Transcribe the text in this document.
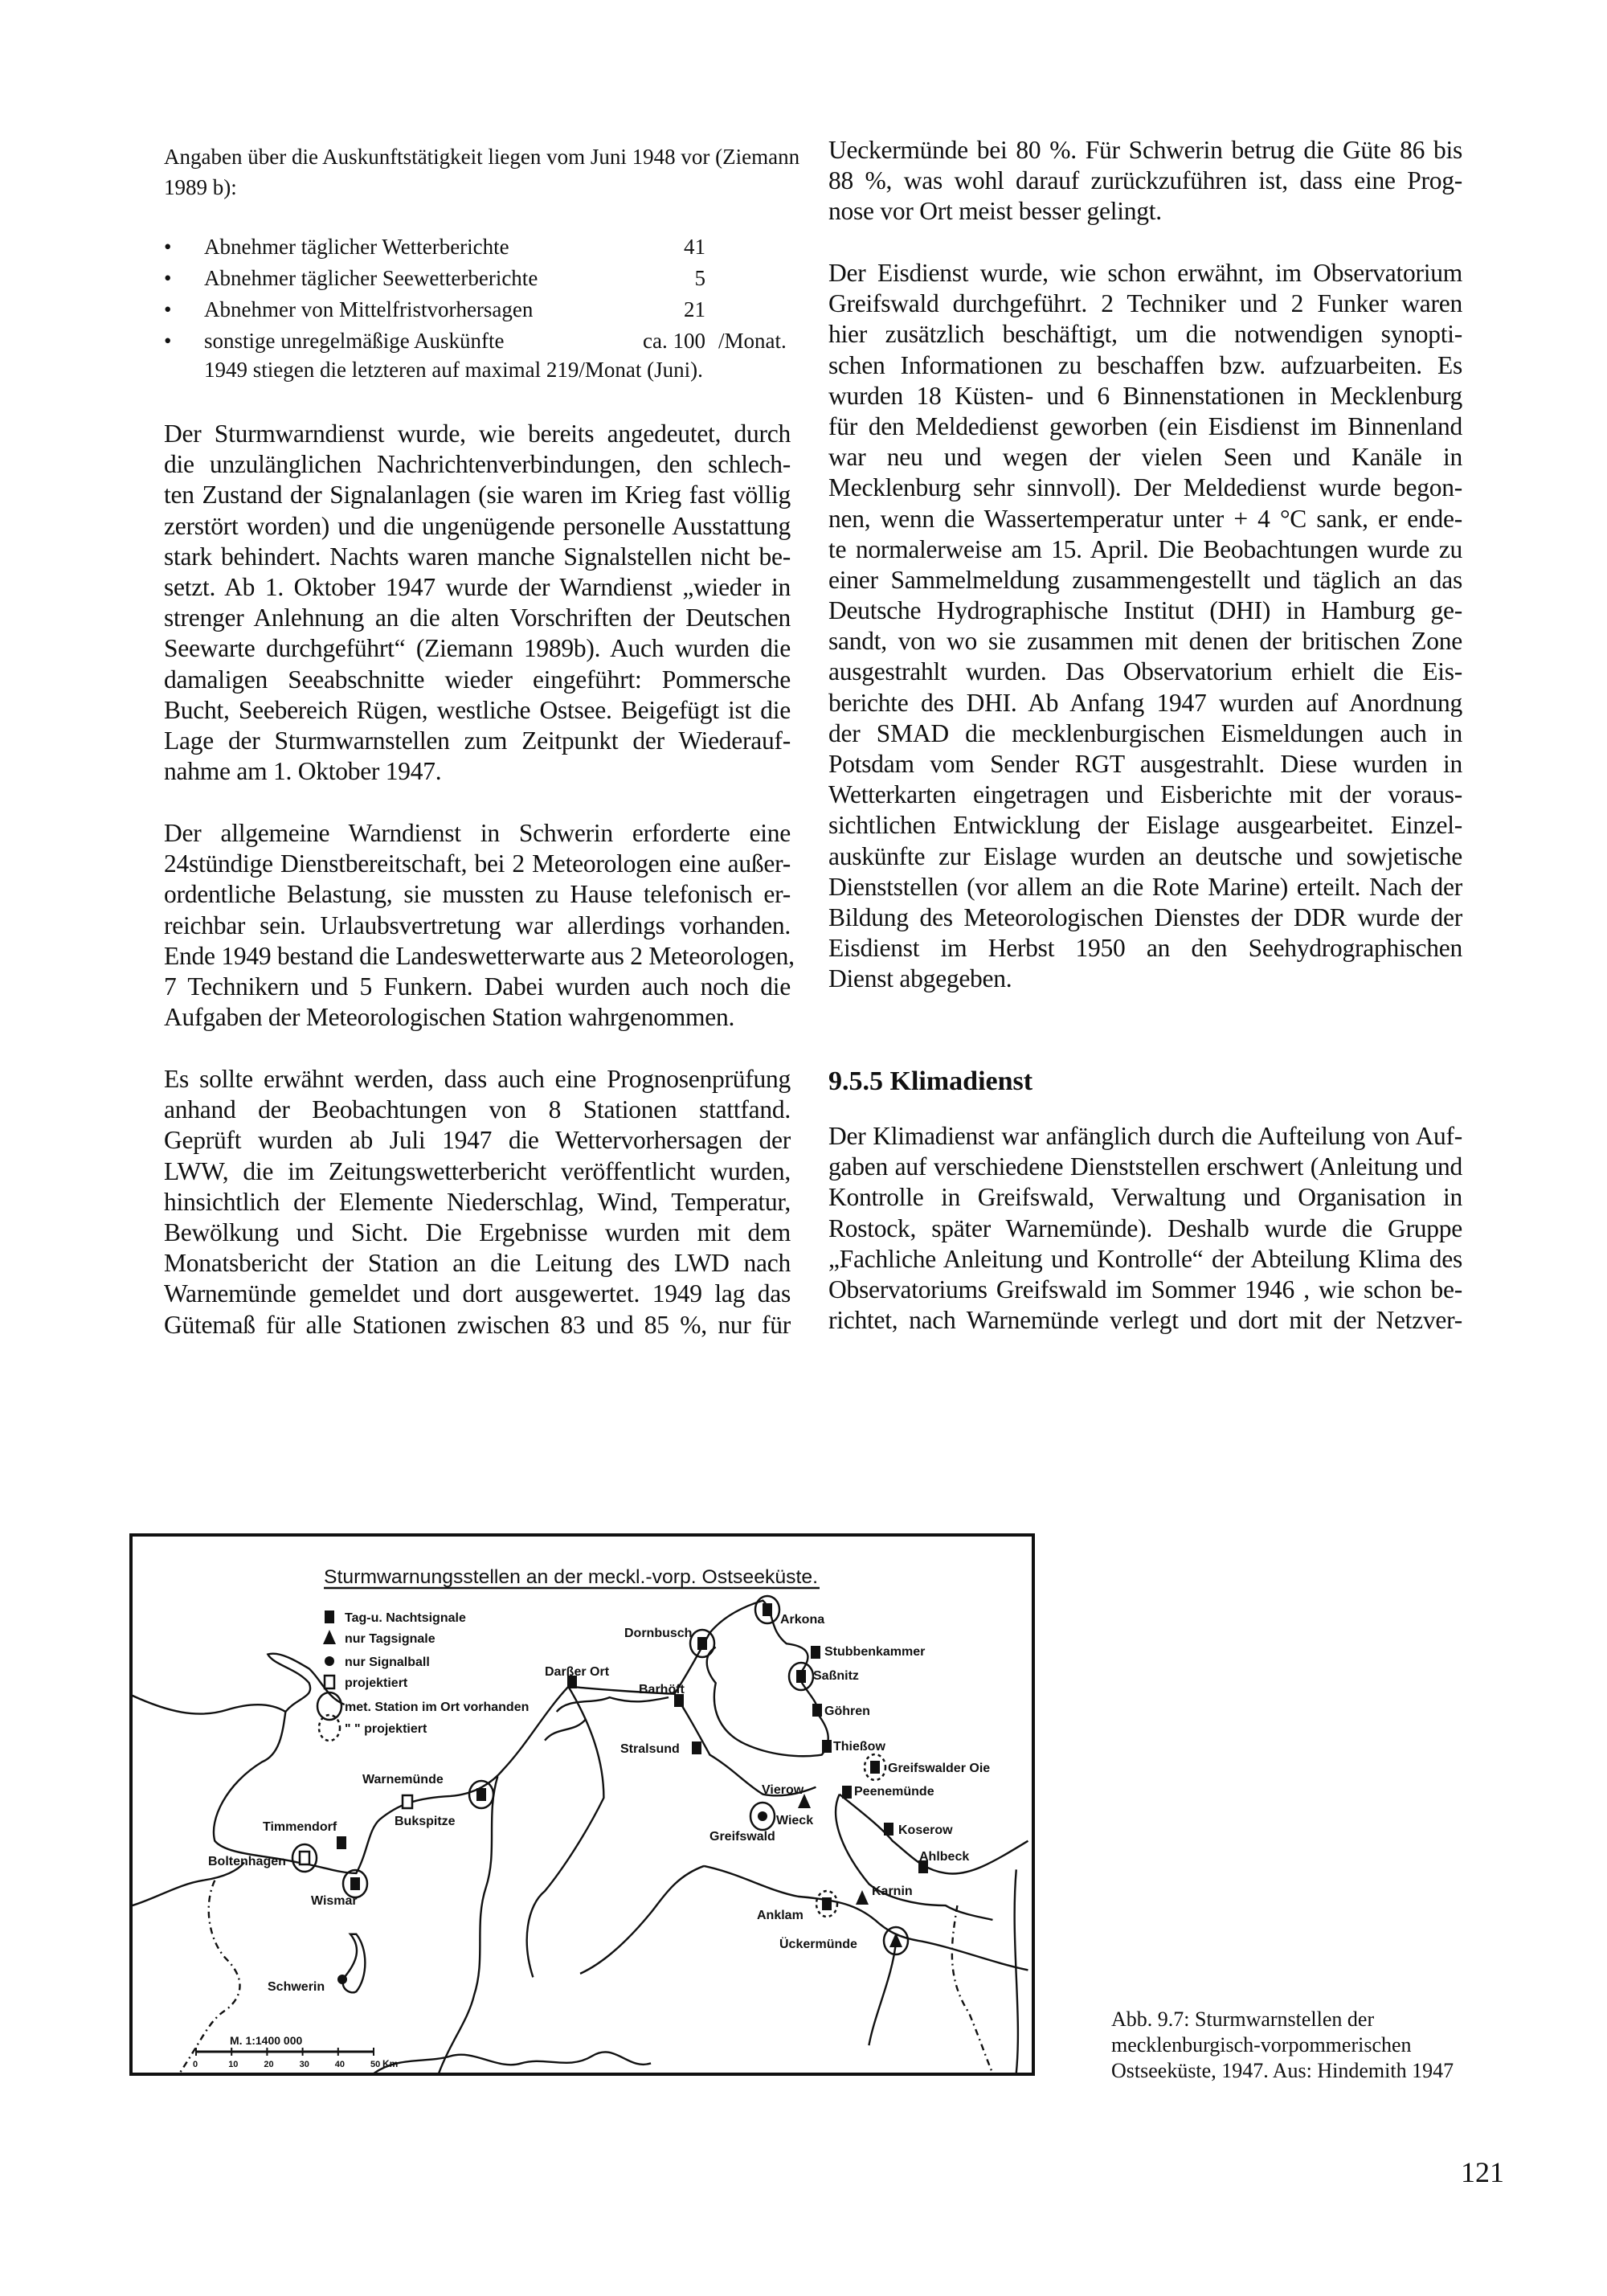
Angaben über die Auskunftstätigkeit liegen vom Juni 1948 vor (Ziemann
1989 b):
• Abnehmer täglicher Wetterberichte	41
• Abnehmer täglicher Seewetterberichte	5
• Abnehmer von Mittelfristvorhersagen	21
• sonstige unregelmäßige Auskünfte	ca. 100 /Monat.
1949 stiegen die letzteren auf maximal 219/Monat (Juni).
Der Sturmwarndienst wurde, wie bereits angedeutet, durch
die unzulänglichen Nachrichtenverbindungen, den schlech-
ten Zustand der Signalanlagen (sie waren im Krieg fast völlig
zerstört worden) und die ungenügende personelle Ausstattung
stark behindert. Nachts waren manche Signalstellen nicht be-
setzt. Ab 1. Oktober 1947 wurde der Warndienst „wieder in
strenger Anlehnung an die alten Vorschriften der Deutschen
Seewarte durchgeführt“ (Ziemann 1989b). Auch wurden die
damaligen Seeabschnitte wieder eingeführt: Pommersche
Bucht, Seebereich Rügen, westliche Ostsee. Beigefügt ist die
Lage der Sturmwarnstellen zum Zeitpunkt der Wiederauf-
nahme am 1. Oktober 1947.
Der allgemeine Warndienst in Schwerin erforderte eine
24stündige Dienstbereitschaft, bei 2 Meteorologen eine außer-
ordentliche Belastung, sie mussten zu Hause telefonisch er-
reichbar sein. Urlaubsvertretung war allerdings vorhanden.
Ende 1949 bestand die Landeswetterwarte aus 2 Meteorologen,
7 Technikern und 5 Funkern. Dabei wurden auch noch die
Aufgaben der Meteorologischen Station wahrgenommen.
Es sollte erwähnt werden, dass auch eine Prognosenprüfung
anhand der Beobachtungen von 8 Stationen stattfand.
Geprüft wurden ab Juli 1947 die Wettervorhersagen der
LWW, die im Zeitungswetterbericht veröffentlicht wurden,
hinsichtlich der Elemente Niederschlag, Wind, Temperatur,
Bewölkung und Sicht. Die Ergebnisse wurden mit dem
Monatsbericht der Station an die Leitung des LWD nach
Warnemünde gemeldet und dort ausgewertet. 1949 lag das
Gütemaß für alle Stationen zwischen 83 und 85 %, nur für
Ueckermünde bei 80 %. Für Schwerin betrug die Güte 86 bis
88 %, was wohl darauf zurückzuführen ist, dass eine Prog-
nose vor Ort meist besser gelingt.
Der Eisdienst wurde, wie schon erwähnt, im Observatorium
Greifswald durchgeführt. 2 Techniker und 2 Funker waren
hier zusätzlich beschäftigt, um die notwendigen synopti-
schen Informationen zu beschaffen bzw. aufzuarbeiten. Es
wurden 18 Küsten- und 6 Binnenstationen in Mecklenburg
für den Meldedienst geworben (ein Eisdienst im Binnenland
war neu und wegen der vielen Seen und Kanäle in
Mecklenburg sehr sinnvoll). Der Meldedienst wurde begon-
nen, wenn die Wassertemperatur unter + 4 °C sank, er ende-
te normalerweise am 15. April. Die Beobachtungen wurde zu
einer Sammelmeldung zusammengestellt und täglich an das
Deutsche Hydrographische Institut (DHI) in Hamburg ge-
sandt, von wo sie zusammen mit denen der britischen Zone
ausgestrahlt wurden. Das Observatorium erhielt die Eis-
berichte des DHI. Ab Anfang 1947 wurden auf Anordnung
der SMAD die mecklenburgischen Eismeldungen auch in
Potsdam vom Sender RGT ausgestrahlt. Diese wurden in
Wetterkarten eingetragen und Eisberichte mit der voraus-
sichtlichen Entwicklung der Eislage ausgearbeitet. Einzel-
auskünfte zur Eislage wurden an deutsche und sowjetische
Dienststellen (vor allem an die Rote Marine) erteilt. Nach der
Bildung des Meteorologischen Dienstes der DDR wurde der
Eisdienst im Herbst 1950 an den Seehydrographischen
Dienst abgegeben.
9.5.5 Klimadienst
Der Klimadienst war anfänglich durch die Aufteilung von Auf-
gaben auf verschiedene Dienststellen erschwert (Anleitung und
Kontrolle in Greifswald, Verwaltung und Organisation in
Rostock, später Warnemünde). Deshalb wurde die Gruppe
„Fachliche Anleitung und Kontrolle“ der Abteilung Klima des
Observatoriums Greifswald im Sommer 1946 , wie schon be-
richtet, nach Warnemünde verlegt und dort mit der Netzver-
Sturmwarnungsstellen an der meckl.-vorp. Ostseeküste.
Tag-u. Nachtsignale
nur Tagsignale
nur Signalball
projektiert
met. Station im Ort vorhanden
" " projektiert
Arkona
Dornbusch
Stubbenkammer
Saßnitz
Darßer Ort
Barhöft
Göhren
Stralsund	Thießow
Greifswalder Oie
Vierow	Peenemünde
Warnemünde
Bukspitze	Wieck
Greifswald	Koserow
Timmendorf
Ahlbeck
Boltenhagen
Wismar
Karnin
Anklam
Ückermünde
Schwerin
M. 1:1400 000
0	10	20	30	40	50 Km
Abb. 9.7: Sturmwarnstellen der
mecklenburgisch-vorpommerischen
Ostseeküste, 1947. Aus: Hindemith 1947
121
